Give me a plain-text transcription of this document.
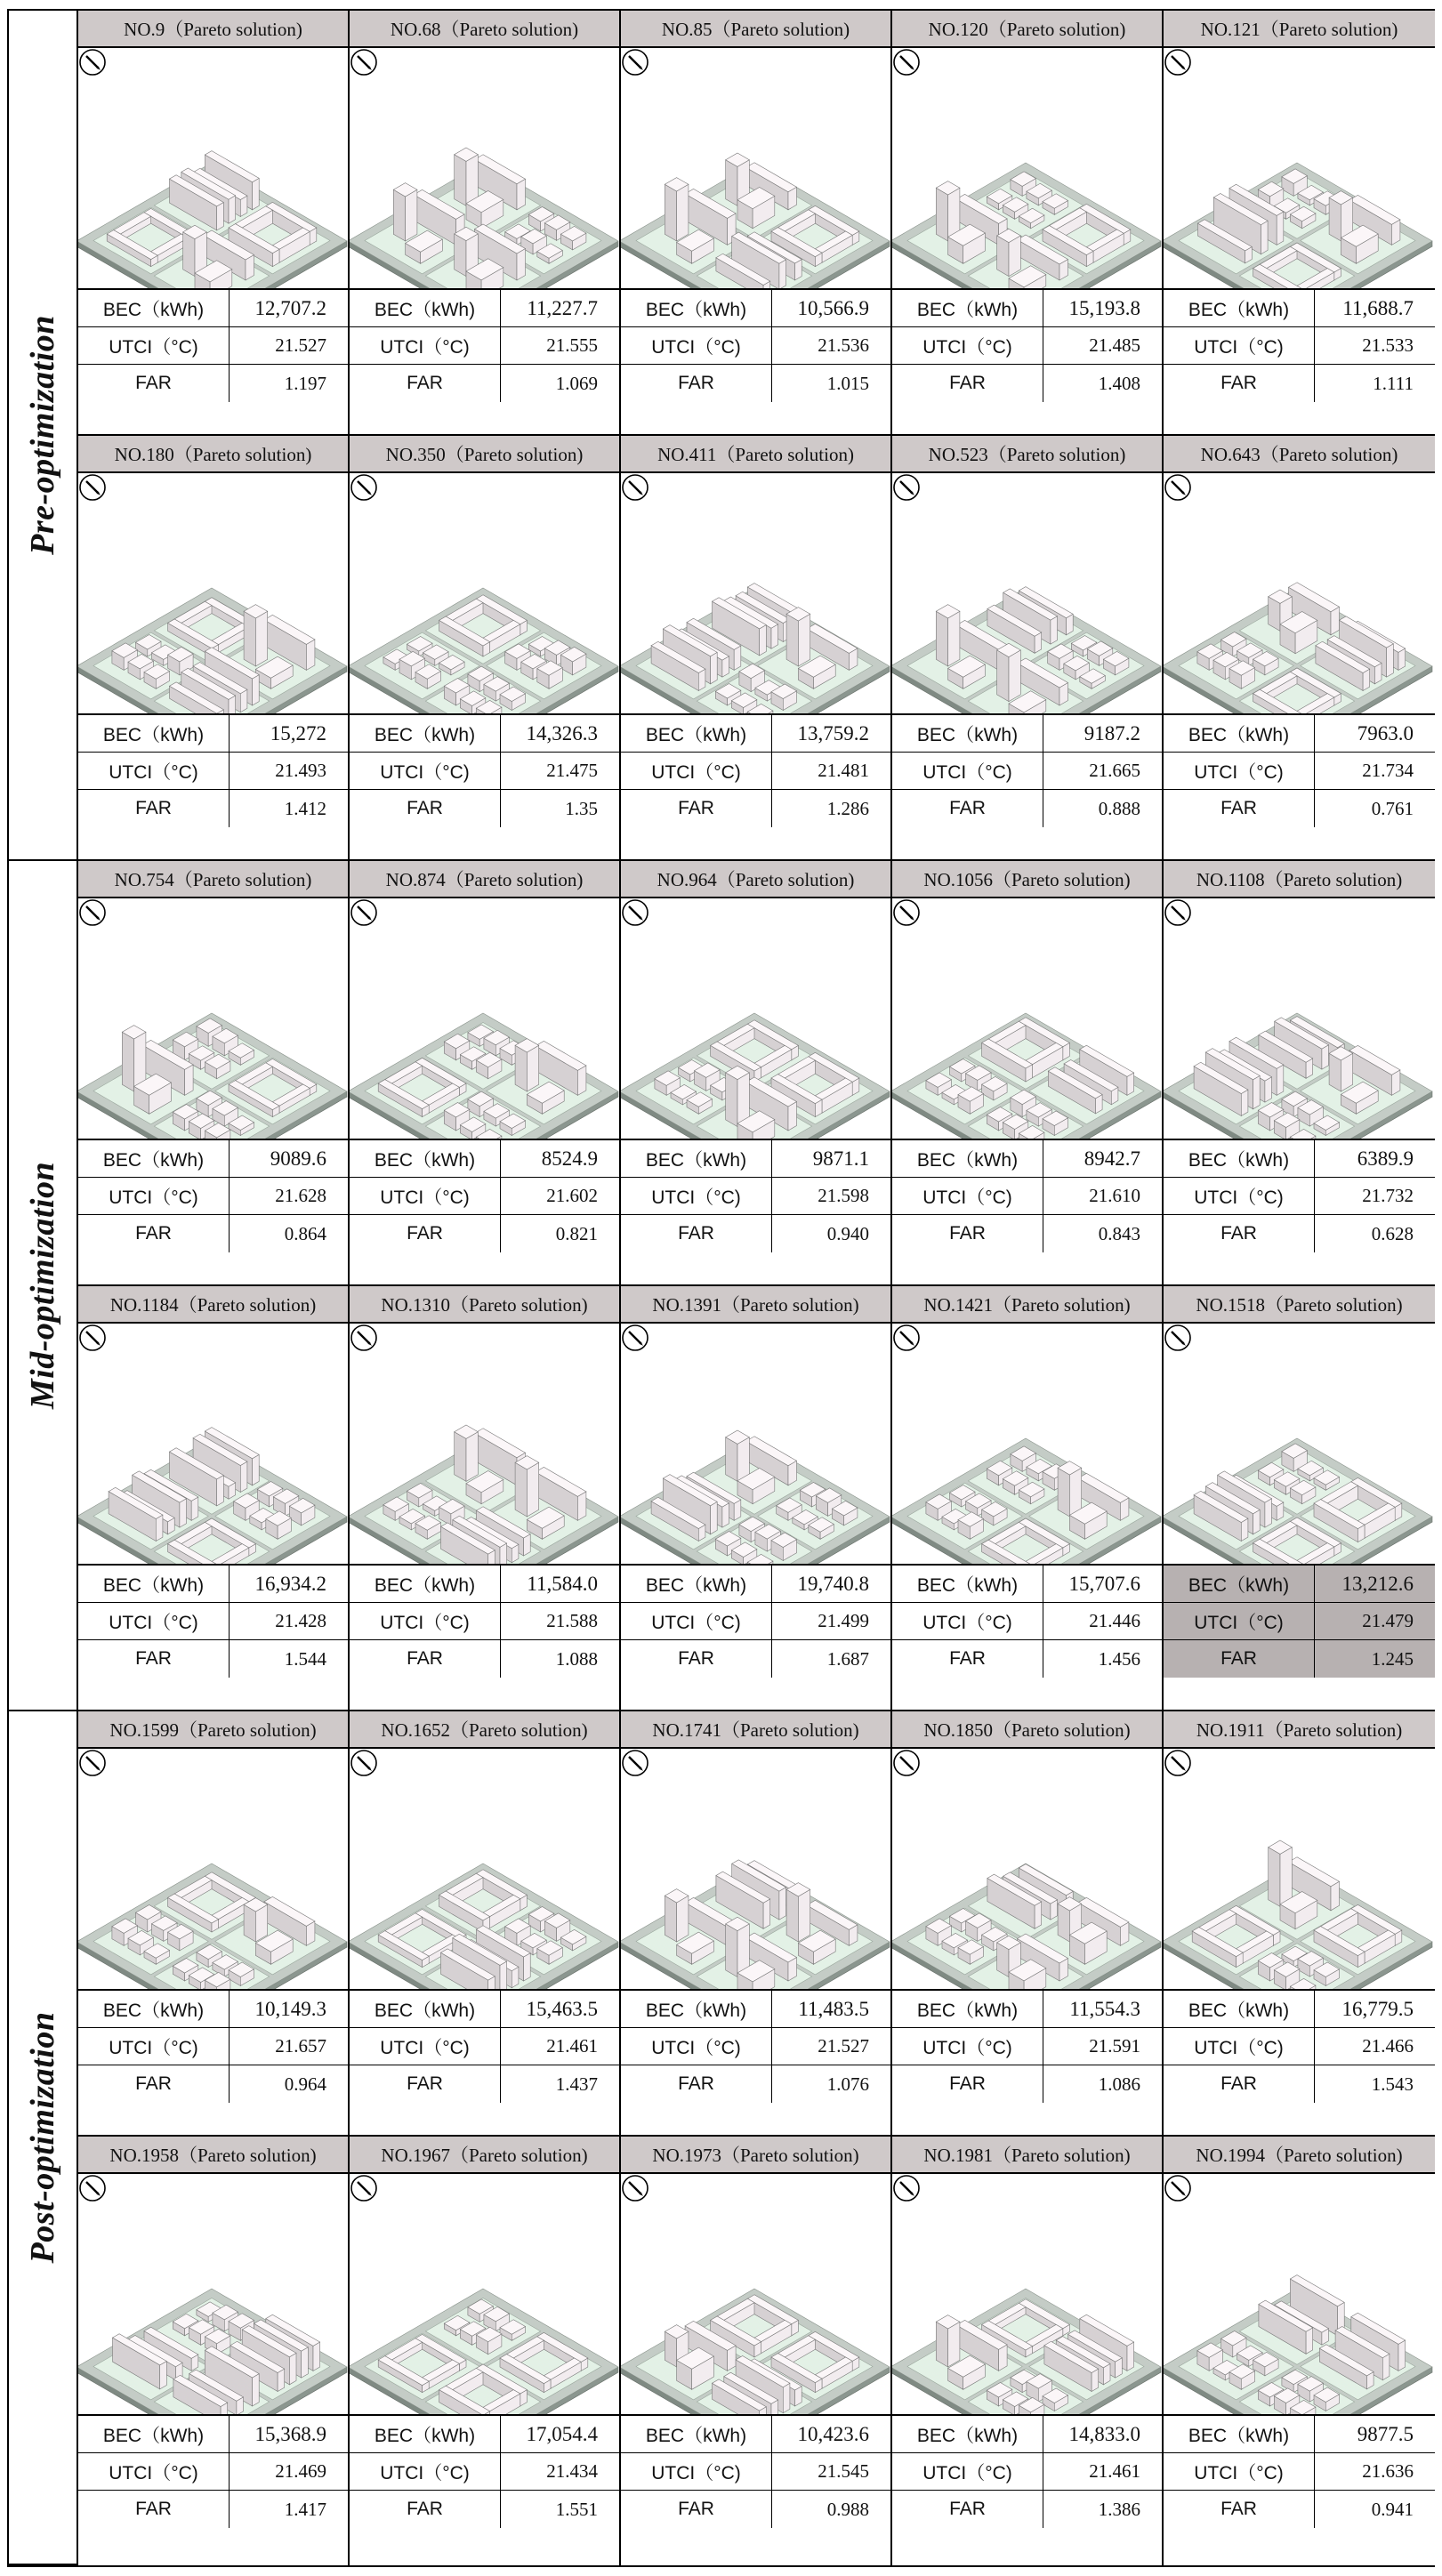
Pre-optimization
Mid-optimization
Post-optimization
NO.9（Pareto solution)
BEC（kWh)	12,707.2
UTCI（°C)	21.527
FAR	1.197
NO.68（Pareto solution)
BEC（kWh)	11,227.7
UTCI（°C)	21.555
FAR	1.069
NO.85（Pareto solution)
BEC（kWh)	10,566.9
UTCI（°C)	21.536
FAR	1.015
NO.120（Pareto solution)
BEC（kWh)	15,193.8
UTCI（°C)	21.485
FAR	1.408
NO.121（Pareto solution)
BEC（kWh)	11,688.7
UTCI（°C)	21.533
FAR	1.111
NO.180（Pareto solution)
BEC（kWh)	15,272
UTCI（°C)	21.493
FAR	1.412
NO.350（Pareto solution)
BEC（kWh)	14,326.3
UTCI（°C)	21.475
FAR	1.35
NO.411（Pareto solution)
BEC（kWh)	13,759.2
UTCI（°C)	21.481
FAR	1.286
NO.523（Pareto solution)
BEC（kWh)	9187.2
UTCI（°C)	21.665
FAR	0.888
NO.643（Pareto solution)
BEC（kWh)	7963.0
UTCI（°C)	21.734
FAR	0.761
NO.754（Pareto solution)
BEC（kWh)	9089.6
UTCI（°C)	21.628
FAR	0.864
NO.874（Pareto solution)
BEC（kWh)	8524.9
UTCI（°C)	21.602
FAR	0.821
NO.964（Pareto solution)
BEC（kWh)	9871.1
UTCI（°C)	21.598
FAR	0.940
NO.1056（Pareto solution)
BEC（kWh)	8942.7
UTCI（°C)	21.610
FAR	0.843
NO.1108（Pareto solution)
BEC（kWh)	6389.9
UTCI（°C)	21.732
FAR	0.628
NO.1184（Pareto solution)
BEC（kWh)	16,934.2
UTCI（°C)	21.428
FAR	1.544
NO.1310（Pareto solution)
BEC（kWh)	11,584.0
UTCI（°C)	21.588
FAR	1.088
NO.1391（Pareto solution)
BEC（kWh)	19,740.8
UTCI（°C)	21.499
FAR	1.687
NO.1421（Pareto solution)
BEC（kWh)	15,707.6
UTCI（°C)	21.446
FAR	1.456
NO.1518（Pareto solution)
BEC（kWh)	13,212.6
UTCI（°C)	21.479
FAR	1.245
NO.1599（Pareto solution)
BEC（kWh)	10,149.3
UTCI（°C)	21.657
FAR	0.964
NO.1652（Pareto solution)
BEC（kWh)	15,463.5
UTCI（°C)	21.461
FAR	1.437
NO.1741（Pareto solution)
BEC（kWh)	11,483.5
UTCI（°C)	21.527
FAR	1.076
NO.1850（Pareto solution)
BEC（kWh)	11,554.3
UTCI（°C)	21.591
FAR	1.086
NO.1911（Pareto solution)
BEC（kWh)	16,779.5
UTCI（°C)	21.466
FAR	1.543
NO.1958（Pareto solution)
BEC（kWh)	15,368.9
UTCI（°C)	21.469
FAR	1.417
NO.1967（Pareto solution)
BEC（kWh)	17,054.4
UTCI（°C)	21.434
FAR	1.551
NO.1973（Pareto solution)
BEC（kWh)	10,423.6
UTCI（°C)	21.545
FAR	0.988
NO.1981（Pareto solution)
BEC（kWh)	14,833.0
UTCI（°C)	21.461
FAR	1.386
NO.1994（Pareto solution)
BEC（kWh)	9877.5
UTCI（°C)	21.636
FAR	0.941
